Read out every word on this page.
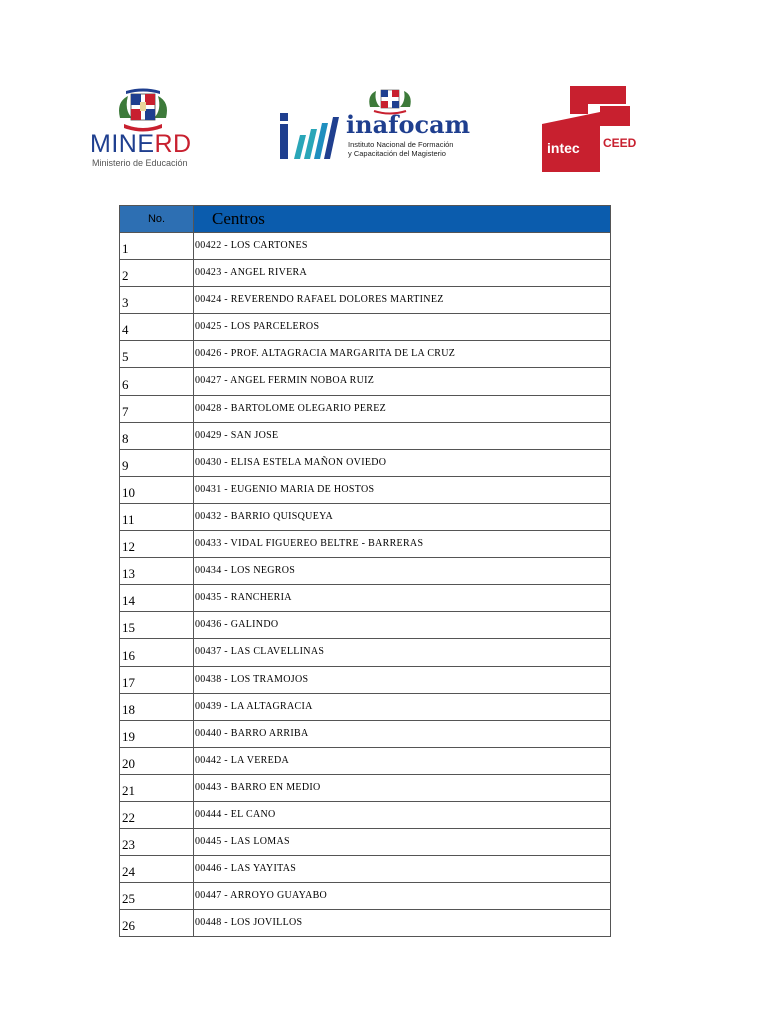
MINERD
Ministerio de Educación
inafocam
Instituto Nacional de Formación
y Capacitación del Magisterio	intec CEED
No.	Centros
1	00422 - LOS CARTONES
2	00423 - ANGEL RIVERA
3	00424 - REVERENDO RAFAEL DOLORES MARTINEZ
4	00425 - LOS PARCELEROS
5	00426 - PROF. ALTAGRACIA MARGARITA DE LA CRUZ
6	00427 - ANGEL FERMIN NOBOA RUIZ
7	00428 - BARTOLOME OLEGARIO PEREZ
8	00429 - SAN JOSE
9	00430 - ELISA ESTELA MAÑON OVIEDO
10	00431 - EUGENIO MARIA DE HOSTOS
11	00432 - BARRIO QUISQUEYA
12	00433 - VIDAL FIGUEREO BELTRE - BARRERAS
13	00434 - LOS NEGROS
14	00435 - RANCHERIA
15	00436 - GALINDO
16	00437 - LAS CLAVELLINAS
17	00438 - LOS TRAMOJOS
18	00439 - LA ALTAGRACIA
19	00440 - BARRO ARRIBA
20	00442 - LA VEREDA
21	00443 - BARRO EN MEDIO
22	00444 - EL CANO
23	00445 - LAS LOMAS
24	00446 - LAS YAYITAS
25	00447 - ARROYO GUAYABO
26	00448 - LOS JOVILLOS
